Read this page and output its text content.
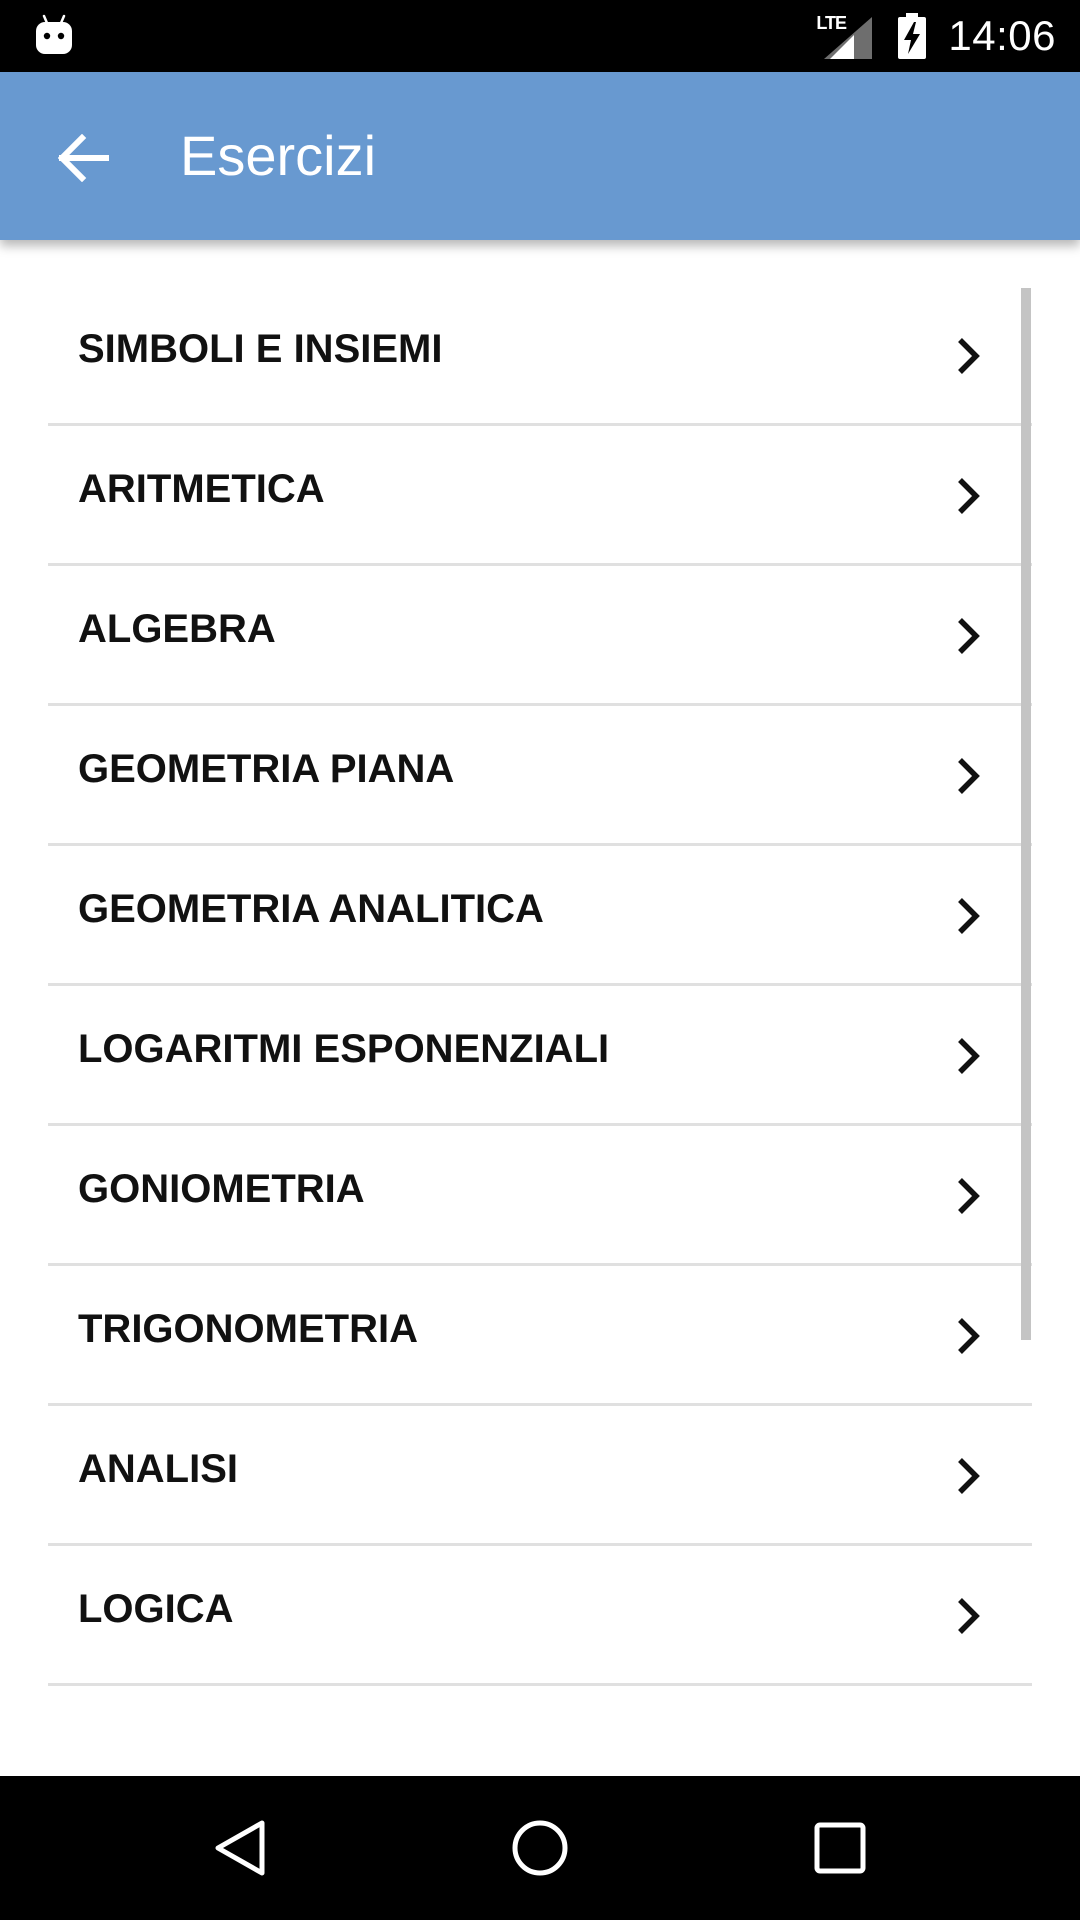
LTE 14:06
Esercizi
SIMBOLI E INSIEMI
ARITMETICA
ALGEBRA
GEOMETRIA PIANA
GEOMETRIA ANALITICA
LOGARITMI ESPONENZIALI
GONIOMETRIA
TRIGONOMETRIA
ANALISI
LOGICA
